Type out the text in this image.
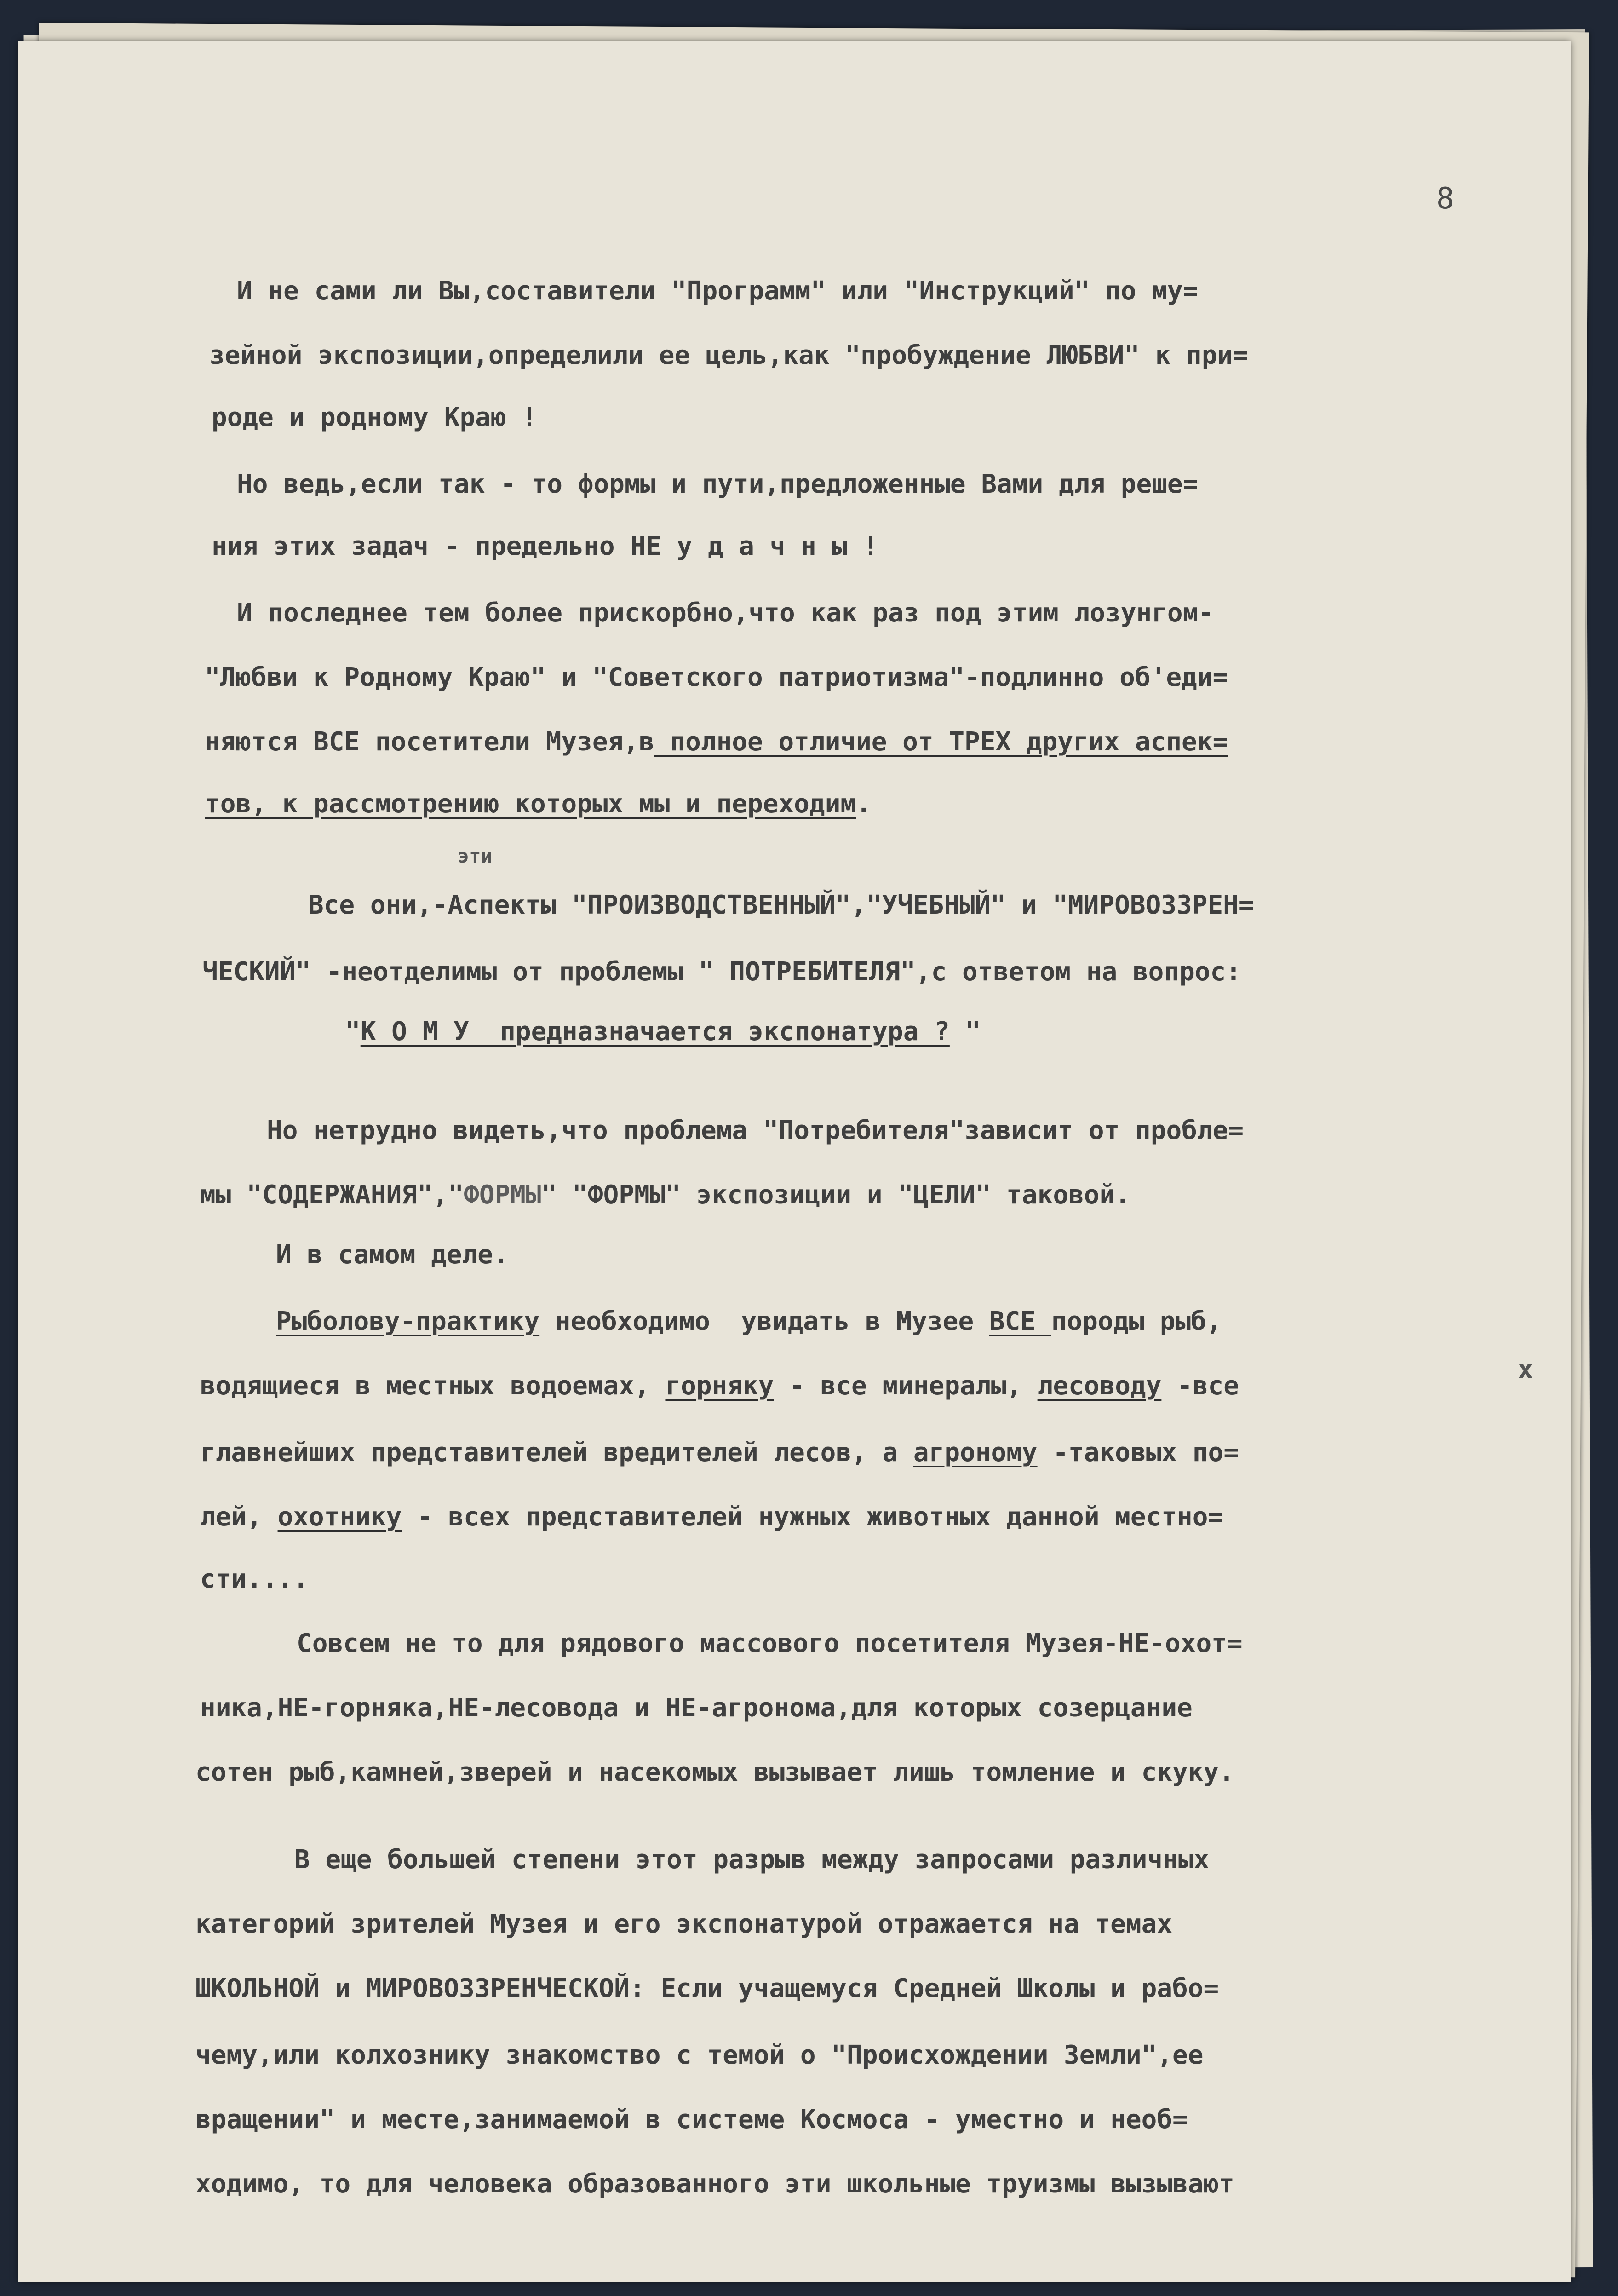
8

И не сами ли Вы,составители "Программ" или "Инструкций" по му=

зейной экспозиции,определили ее цель,как "пробуждение ЛЮБВИ" к при=

роде и родному Краю !

Но ведь,если так - то формы и пути,предложенные Вами для реше=

ния этих задач - предельно НЕ у д а ч н ы !

И последнее тем более прискорбно,что как раз под этим лозунгом-

"Любви к Родному Краю" и "Советского патриотизма"-подлинно об'еди=

няются ВСЕ посетители Музея,в полное отличие от ТРЕХ других аспек=

тов, к рассмотрению которых мы и переходим.

эти

Все они,-Аспекты "ПРОИЗВОДСТВЕННЫЙ","УЧЕБНЫЙ" и "МИРОВОЗЗРЕН=

ЧЕСКИЙ" -неотделимы от проблемы " ПОТРЕБИТЕЛЯ",с ответом на вопрос:

"К О М У  предназначается экспонатура ? "

Но нетрудно видеть,что проблема "Потребителя"зависит от пробле=

мы "СОДЕРЖАНИЯ","ФОРМЫ" "ФОРМЫ" экспозиции и "ЦЕЛИ" таковой.

И в самом деле.

Рыболову-практику необходимо  увидать в Музее ВСЕ породы рыб,

водящиеся в местных водоемах, горняку - все минералы, лесоводу -все

х

главнейших представителей вредителей лесов, а агроному -таковых по=

лей, охотнику - всех представителей нужных животных данной местно=

сти....

Совсем не то для рядового массового посетителя Музея-НЕ-охот=

ника,НЕ-горняка,НЕ-лесовода и НЕ-агронома,для которых созерцание

сотен рыб,камней,зверей и насекомых вызывает лишь томление и скуку.

В еще большей степени этот разрыв между запросами различных

категорий зрителей Музея и его экспонатурой отражается на темах

ШКОЛЬНОЙ и МИРОВОЗЗРЕНЧЕСКОЙ: Если учащемуся Средней Школы и рабо=

чему,или колхознику знакомство с темой о "Происхождении Земли",ее

вращении" и месте,занимаемой в системе Космоса - уместно и необ=

ходимо, то для человека образованного эти школьные труизмы вызывают
